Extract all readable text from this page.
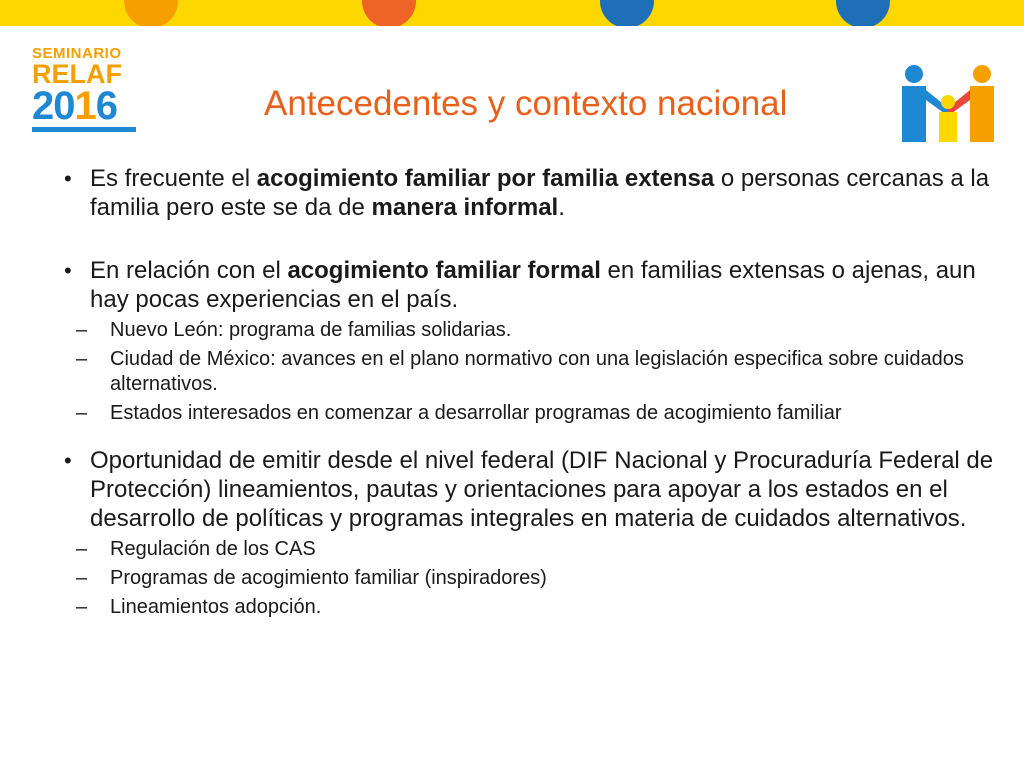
SEMINARIO
RELAF
2016	Antecedentes y contexto nacional
• Es frecuente el acogimiento familiar por familia extensa o personas cercanas a la familia pero este se da de manera informal.
• En relación con el acogimiento familiar formal en familias extensas o ajenas, aun hay pocas experiencias en el país.
– Nuevo León: programa de familias solidarias.
– Ciudad de México: avances en el plano normativo con una legislación especifica sobre cuidados alternativos.
– Estados interesados en comenzar a desarrollar programas de acogimiento familiar
• Oportunidad de emitir desde el nivel federal (DIF Nacional y Procuraduría Federal de Protección) lineamientos, pautas y orientaciones para apoyar a los estados en el desarrollo de políticas y programas integrales en materia de cuidados alternativos.
– Regulación de los CAS
– Programas de acogimiento familiar (inspiradores)
– Lineamientos adopción.
